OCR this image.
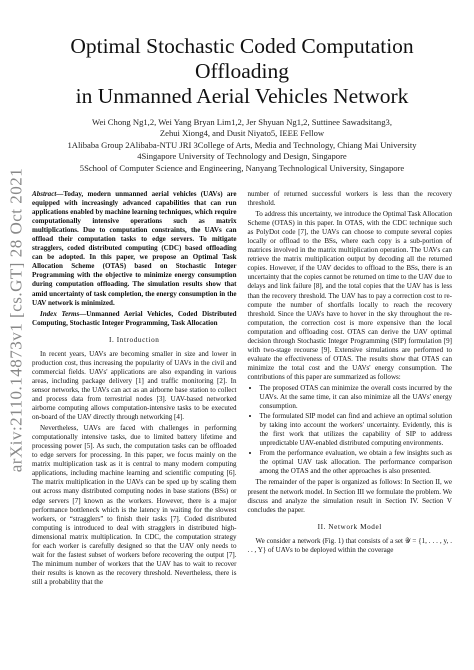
arXiv:2110.14873v1 [cs.GT] 28 Oct 2021
Optimal Stochastic Coded Computation Offloading
in Unmanned Aerial Vehicles Network
Wei Chong Ng1,2, Wei Yang Bryan Lim1,2, Jer Shyuan Ng1,2, Suttinee Sawadsitang3,
Zehui Xiong4, and Dusit Niyato5, IEEE Fellow
1Alibaba Group 2Alibaba-NTU JRI 3College of Arts, Media and Technology, Chiang Mai University
4Singapore University of Technology and Design, Singapore
5School of Computer Science and Engineering, Nanyang Technological University, Singapore

Abstract—Today, modern unmanned aerial vehicles (UAVs) are equipped with increasingly advanced capabilities that can run applications enabled by machine learning techniques, which require computationally intensive operations such as matrix multiplications. Due to computation constraints, the UAVs can offload their computation tasks to edge servers. To mitigate stragglers, coded distributed computing (CDC) based offloading can be adopted. In this paper, we propose an Optimal Task Allocation Scheme (OTAS) based on Stochastic Integer Programming with the objective to minimize energy consumption during computation offloading. The simulation results show that amid uncertainty of task completion, the energy consumption in the UAV network is minimized.

Index Terms—Unmanned Aerial Vehicles, Coded Distributed Computing, Stochastic Integer Programming, Task Allocation

I. Introduction

In recent years, UAVs are becoming smaller in size and lower in production cost, thus increasing the popularity of UAVs in the civil and commercial fields. UAVs' applications are also expanding in various areas, including package delivery [1] and traffic monitoring [2]. In sensor networks, the UAVs can act as an airborne base station to collect and process data from terrestrial nodes [3]. UAV-based networked airborne computing allows computation-intensive tasks to be executed on-board of the UAV directly through networking [4].

Nevertheless, UAVs are faced with challenges in performing computationally intensive tasks, due to limited battery lifetime and processing power [5]. As such, the computation tasks can be offloaded to edge servers for processing. In this paper, we focus mainly on the matrix multiplication task as it is central to many modern computing applications, including machine learning and scientific computing [6]. The matrix multiplication in the UAVs can be sped up by scaling them out across many distributed computing nodes in base stations (BSs) or edge servers [7] known as the workers. However, there is a major performance bottleneck which is the latency in waiting for the slowest workers, or “stragglers” to finish their tasks [7]. Coded distributed computing is introduced to deal with stragglers in distributed high-dimensional matrix multiplication. In CDC, the computation strategy for each worker is carefully designed so that the UAV only needs to wait for the fastest subset of workers before recovering the output [7]. The minimum number of workers that the UAV has to wait to recover their results is known as the recovery threshold. Nevertheless, there is still a probability that the

number of returned successful workers is less than the recovery threshold.

To address this uncertainty, we introduce the Optimal Task Allocation Scheme (OTAS) in this paper. In OTAS, with the CDC technique such as PolyDot code [7], the UAVs can choose to compute several copies locally or offload to the BSs, where each copy is a sub-portion of matrices involved in the matrix multiplication operation. The UAVs can retrieve the matrix multiplication output by decoding all the returned copies. However, if the UAV decides to offload to the BSs, there is an uncertainty that the copies cannot be returned on time to the UAV due to delays and link failure [8], and the total copies that the UAV has is less than the recovery threshold. The UAV has to pay a correction cost to re-compute the number of shortfalls locally to reach the recovery threshold. Since the UAVs have to hover in the sky throughout the re-computation, the correction cost is more expensive than the local computation and offloading cost. OTAS can derive the UAV optimal decision through Stochastic Integer Programming (SIP) formulation [9] with two-stage recourse [9]. Extensive simulations are performed to evaluate the effectiveness of OTAS. The results show that OTAS can minimize the total cost and the UAVs' energy consumption. The contributions of this paper are summarized as follows:

• The proposed OTAS can minimize the overall costs incurred by the UAVs. At the same time, it can also minimize all the UAVs' energy consumption.
• The formulated SIP model can find and achieve an optimal solution by taking into account the workers' uncertainty. Evidently, this is the first work that utilizes the capability of SIP to address unpredictable UAV-enabled distributed computing environments.
• From the performance evaluation, we obtain a few insights such as the optimal UAV task allocation. The performance comparison among the OTAS and the other approaches is also presented.

The remainder of the paper is organized as follows: In Section II, we present the network model. In Section III we formulate the problem. We discuss and analyze the simulation result in Section IV. Section V concludes the paper.

II. Network Model

We consider a network (Fig. 1) that consists of a set 𝒴 = {1, . . . , y, . . . , Y} of UAVs to be deployed within the coverage
